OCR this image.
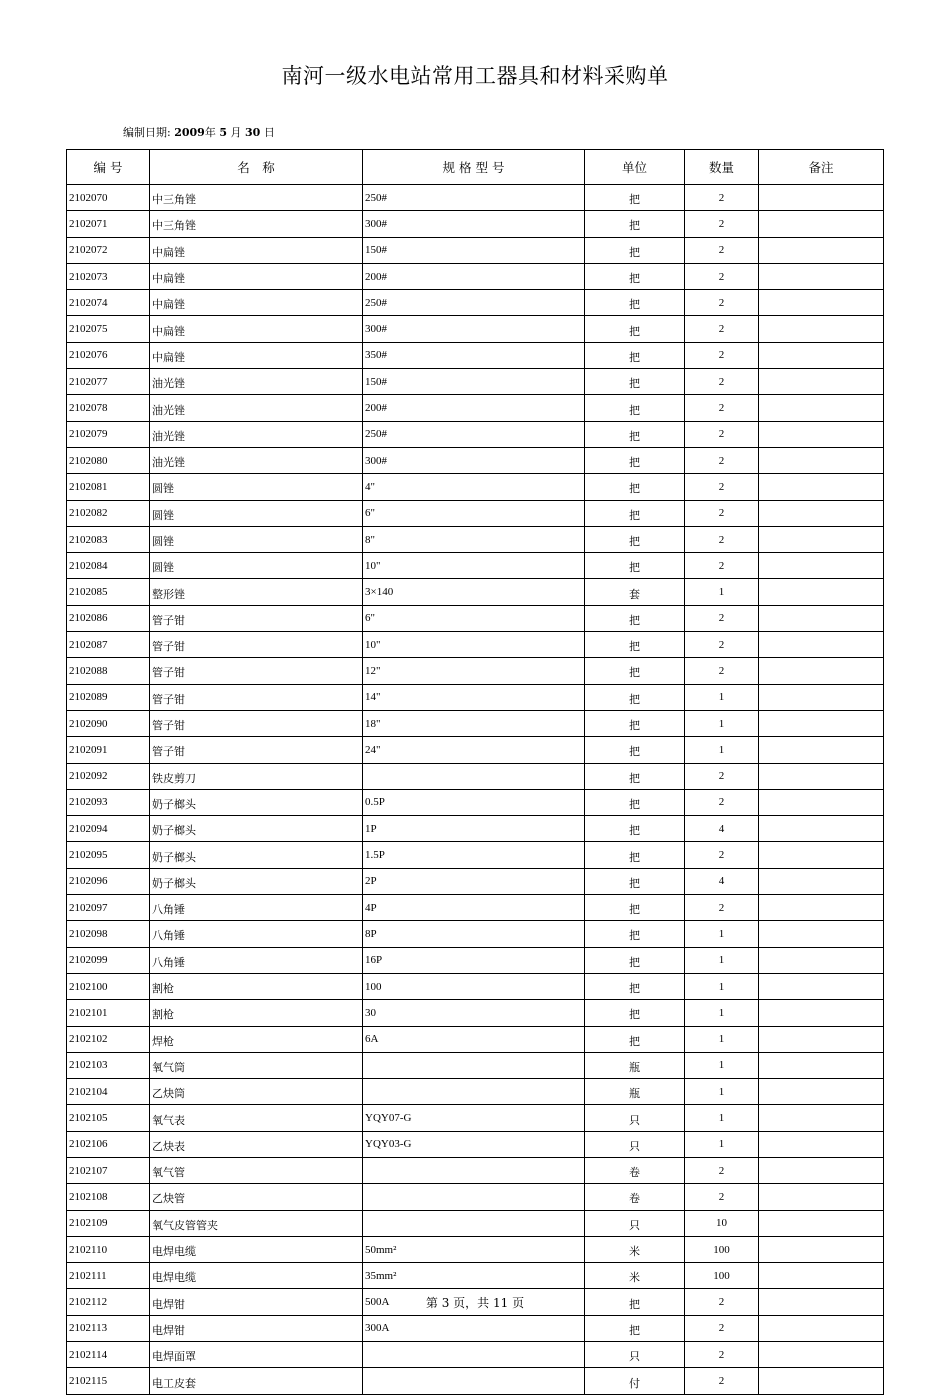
南河一级水电站常用工器具和材料采购单
编制日期: 2009年 5 月 30 日
编 号	名　称	规 格 型 号	单位	数量	备注
2102070	中三角锉	250#	把	2	
2102071	中三角锉	300#	把	2	
2102072	中扁锉	150#	把	2	
2102073	中扁锉	200#	把	2	
2102074	中扁锉	250#	把	2	
2102075	中扁锉	300#	把	2	
2102076	中扁锉	350#	把	2	
2102077	油光锉	150#	把	2	
2102078	油光锉	200#	把	2	
2102079	油光锉	250#	把	2	
2102080	油光锉	300#	把	2	
2102081	圆锉	4"	把	2	
2102082	圆锉	6"	把	2	
2102083	圆锉	8"	把	2	
2102084	圆锉	10"	把	2	
2102085	整形锉	3×140	套	1	
2102086	管子钳	6"	把	2	
2102087	管子钳	10"	把	2	
2102088	管子钳	12"	把	2	
2102089	管子钳	14"	把	1	
2102090	管子钳	18"	把	1	
2102091	管子钳	24"	把	1	
2102092	铁皮剪刀		把	2	
2102093	奶子榔头	0.5P	把	2	
2102094	奶子榔头	1P	把	4	
2102095	奶子榔头	1.5P	把	2	
2102096	奶子榔头	2P	把	4	
2102097	八角锤	4P	把	2	
2102098	八角锤	8P	把	1	
2102099	八角锤	16P	把	1	
2102100	割枪	100	把	1	
2102101	割枪	30	把	1	
2102102	焊枪	6A	把	1	
2102103	氧气筒		瓶	1	
2102104	乙炔筒		瓶	1	
2102105	氧气表	YQY07-G	只	1	
2102106	乙炔表	YQY03-G	只	1	
2102107	氧气管		卷	2	
2102108	乙炔管		卷	2	
2102109	氧气皮管管夹		只	10	
2102110	电焊电缆	50mm²	米	100	
2102111	电焊电缆	35mm²	米	100	
2102112	电焊钳	500A	把	2	
2102113	电焊钳	300A	把	2	
2102114	电焊面罩		只	2	
2102115	电工皮套		付	2	
第 3 页，共 11 页
